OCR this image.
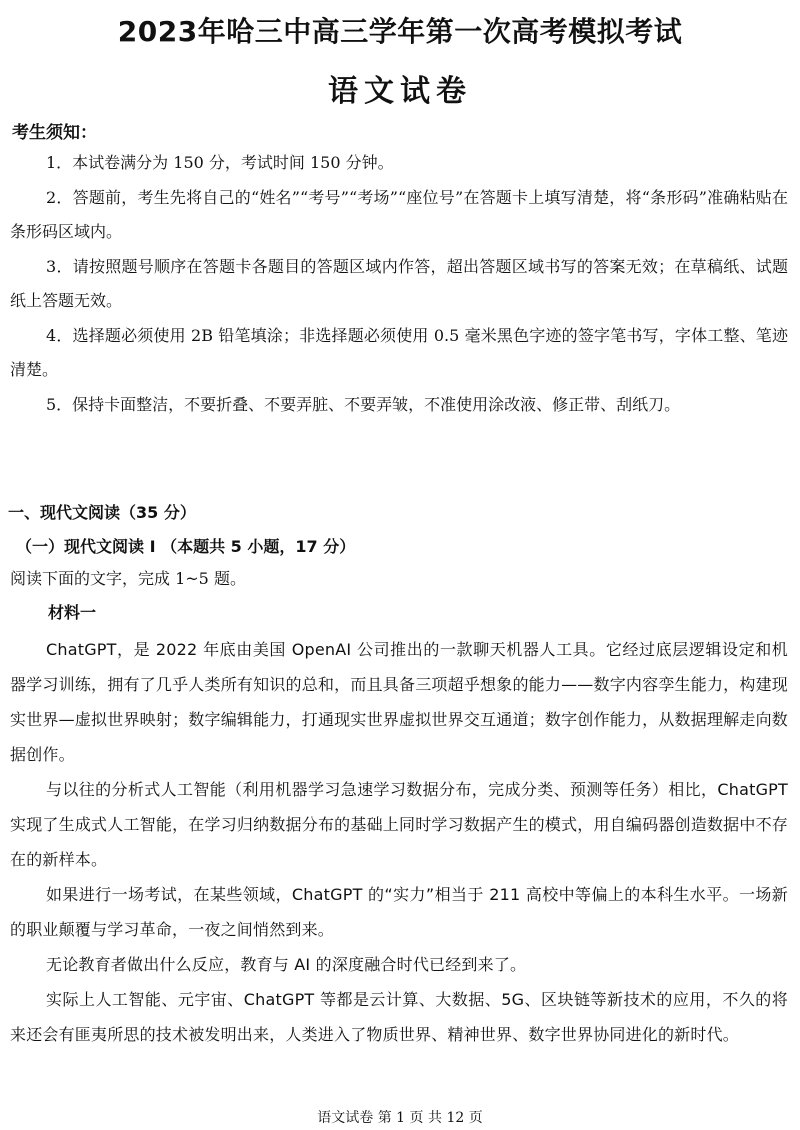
2023年哈三中高三学年第一次高考模拟考试
语文试卷
考生须知：
1．本试卷满分为 150 分，考试时间 150 分钟。
2．答题前，考生先将自己的“姓名”“考号”“考场”“座位号”在答题卡上填写清楚，将“条形码”准确粘贴在条形码区域内。
3．请按照题号顺序在答题卡各题目的答题区域内作答，超出答题区域书写的答案无效；在草稿纸、试题纸上答题无效。
4．选择题必须使用 2B 铅笔填涂；非选择题必须使用 0.5 毫米黑色字迹的签字笔书写，字体工整、笔迹清楚。
5．保持卡面整洁，不要折叠、不要弄脏、不要弄皱，不准使用涂改液、修正带、刮纸刀。
一、现代文阅读（35 分）
（一）现代文阅读 I （本题共 5 小题，17 分）
阅读下面的文字，完成 1~5 题。
材料一

ChatGPT，是 2022 年底由美国 OpenAI 公司推出的一款聊天机器人工具。它经过底层逻辑设定和机器学习训练，拥有了几乎人类所有知识的总和，而且具备三项超乎想象的能力——数字内容孪生能力，构建现实世界—虚拟世界映射；数字编辑能力，打通现实世界虚拟世界交互通道；数字创作能力，从数据理解走向数据创作。

与以往的分析式人工智能（利用机器学习急速学习数据分布，完成分类、预测等任务）相比，ChatGPT 实现了生成式人工智能，在学习归纳数据分布的基础上同时学习数据产生的模式，用自编码器创造数据中不存在的新样本。

如果进行一场考试，在某些领域，ChatGPT 的“实力”相当于 211 高校中等偏上的本科生水平。一场新的职业颠覆与学习革命，一夜之间悄然到来。

无论教育者做出什么反应，教育与 AI 的深度融合时代已经到来了。

实际上人工智能、元宇宙、ChatGPT 等都是云计算、大数据、5G、区块链等新技术的应用，不久的将来还会有匪夷所思的技术被发明出来，人类进入了物质世界、精神世界、数字世界协同进化的新时代。

语文试卷 第 1 页 共 12 页
